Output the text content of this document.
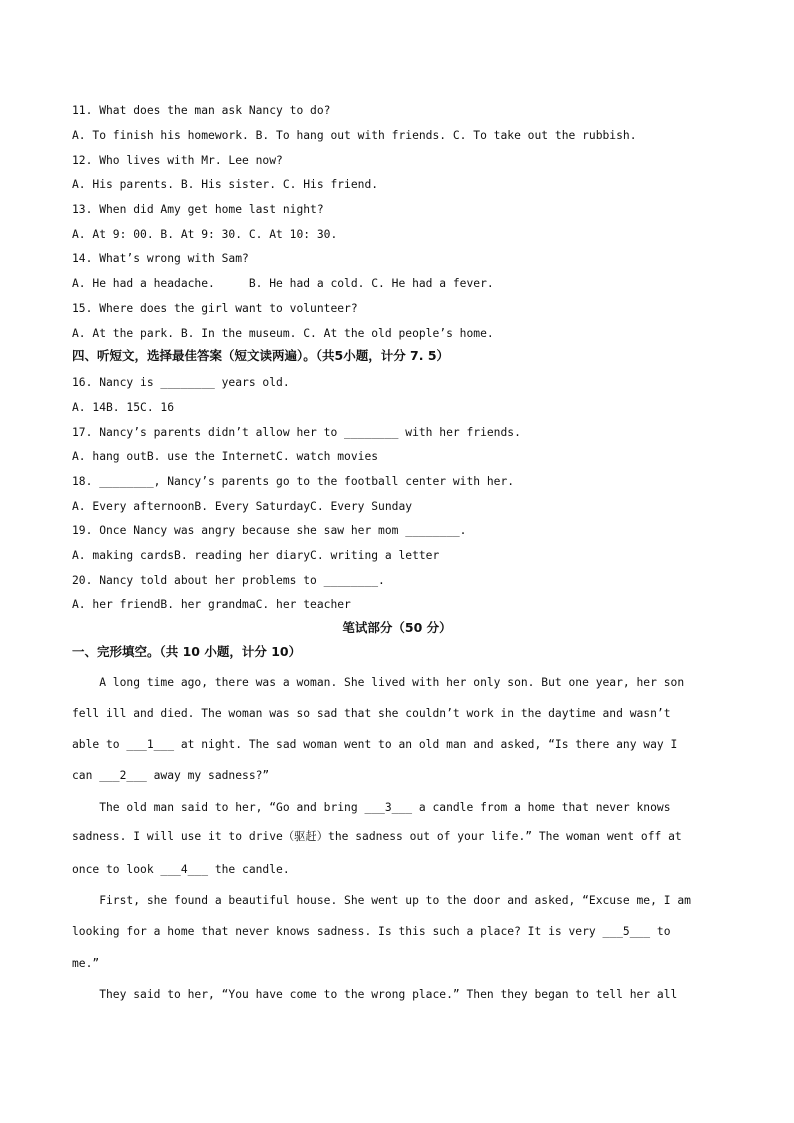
11. What does the man ask Nancy to do?
A. To finish his homework. B. To hang out with friends. C. To take out the rubbish.
12. Who lives with Mr. Lee now?
A. His parents. B. His sister. C. His friend.
13. When did Amy get home last night?
A. At 9: 00. B. At 9: 30. C. At 10: 30.
14. What’s wrong with Sam?
A. He had a headache.     B. He had a cold. C. He had a fever.
15. Where does the girl want to volunteer?
A. At the park. B. In the museum. C. At the old people’s home.
四、听短文，选择最佳答案（短文读两遍）。（共5小题，计分 7. 5）
16. Nancy is ________ years old.
A. 14B. 15C. 16
17. Nancy’s parents didn’t allow her to ________ with her friends.
A. hang outB. use the InternetC. watch movies
18. ________, Nancy’s parents go to the football center with her.
A. Every afternoonB. Every SaturdayC. Every Sunday
19. Once Nancy was angry because she saw her mom ________.
A. making cardsB. reading her diaryC. writing a letter
20. Nancy told about her problems to ________.
A. her friendB. her grandmaC. her teacher
笔试部分（50 分）
一、完形填空。（共 10 小题，计分 10）
A long time ago, there was a woman. She lived with her only son. But one year, her son
fell ill and died. The woman was so sad that she couldn’t work in the daytime and wasn’t
able to ___1___ at night. The sad woman went to an old man and asked, “Is there any way I
can ___2___ away my sadness?”
The old man said to her, “Go and bring ___3___ a candle from a home that never knows
sadness. I will use it to drive（驱赶）the sadness out of your life.” The woman went off at
once to look ___4___ the candle.
First, she found a beautiful house. She went up to the door and asked, “Excuse me, I am
looking for a home that never knows sadness. Is this such a place? It is very ___5___ to
me.”
They said to her, “You have come to the wrong place.” Then they began to tell her all
